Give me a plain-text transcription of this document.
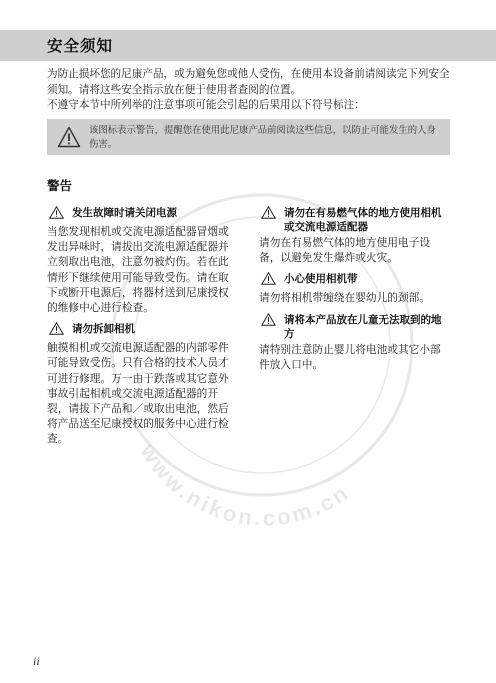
安全须知

为防止损坏您的尼康产品，或为避免您或他人受伤，在使用本设备前请阅读完下列安全须知。请将这些安全指示放在便于使用者查阅的位置。

不遵守本节中所列举的注意事项可能会引起的后果用以下符号标注：

该图标表示警告，提醒您在使用此尼康产品前阅读这些信息，以防止可能发生的人身伤害。
警告
发生故障时请关闭电源
当您发现相机或交流电源适配器冒烟或发出异味时，请拔出交流电源适配器并立刻取出电池，注意勿被灼伤。若在此情形下继续使用可能导致受伤。请在取下或断开电源后，将器材送到尼康授权的维修中心进行检查。
请勿拆卸相机
触摸相机或交流电源适配器的内部零件可能导致受伤。只有合格的技术人员才可进行修理。万一由于跌落或其它意外事故引起相机或交流电源适配器的开裂，请拔下产品和／或取出电池，然后将产品送至尼康授权的服务中心进行检查。
请勿在有易燃气体的地方使用相机或交流电源适配器
请勿在有易燃气体的地方使用电子设备，以避免发生爆炸或火灾。
小心使用相机带
请勿将相机带缠绕在婴幼儿的颈部。
请将本产品放在儿童无法取到的地方
请特别注意防止婴儿将电池或其它小部件放入口中。
www.nikon.com.cn
ii
